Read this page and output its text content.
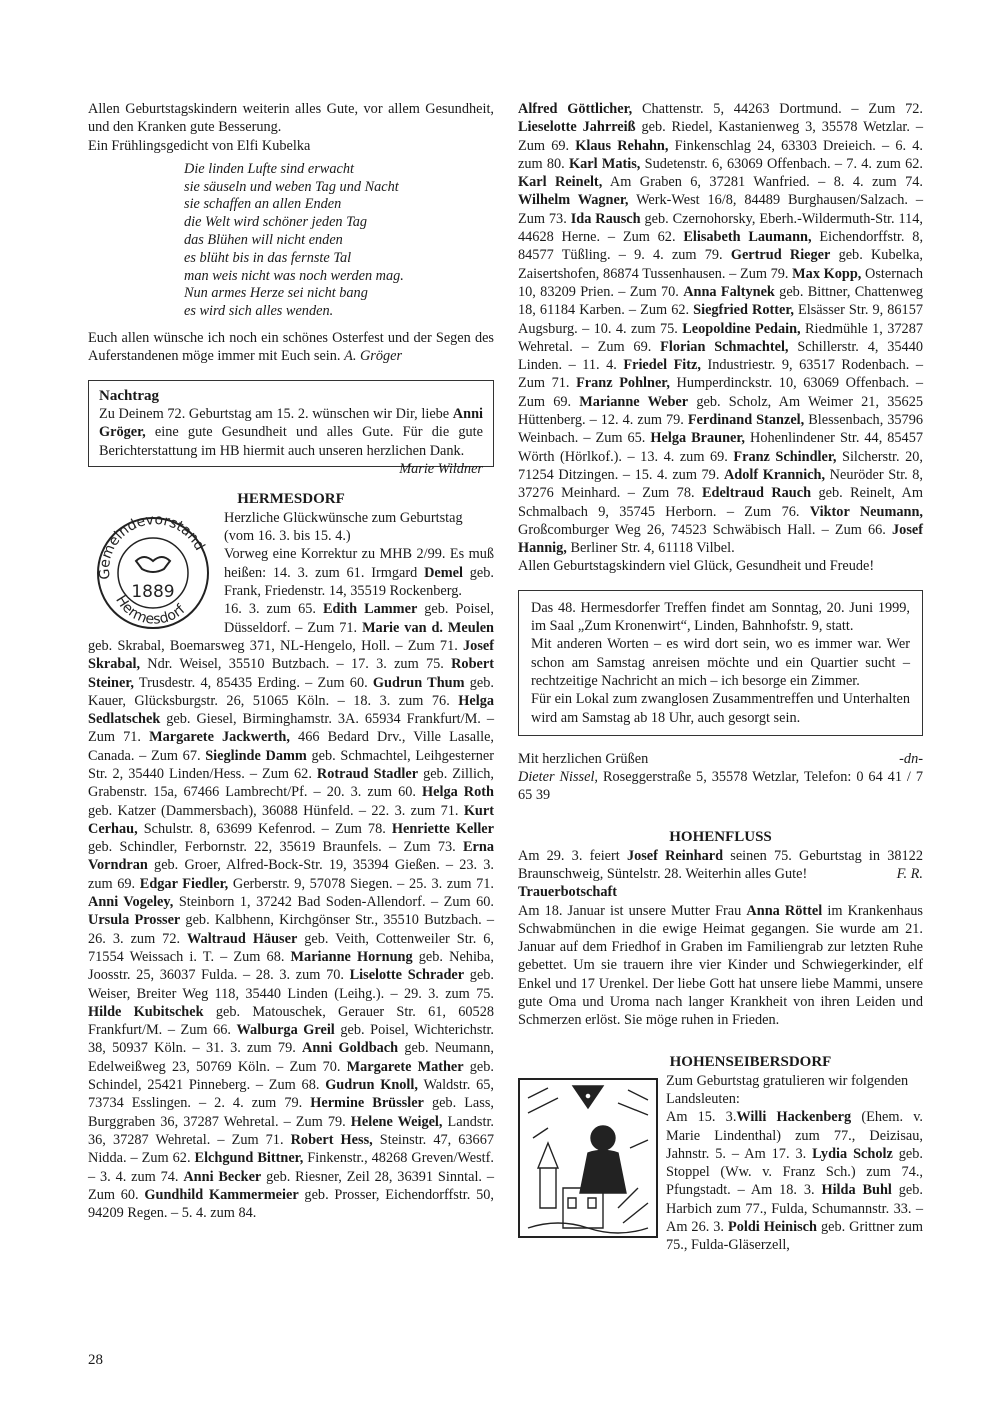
Allen Geburtstagskindern weiterin alles Gute, vor allem Gesundheit, und den Kranken gute Besserung.

Ein Frühlingsgedicht von Elfi Kubelka

Die linden Lufte sind erwacht
sie säuseln und weben Tag und Nacht
sie schaffen an allen Enden
die Welt wird schöner jeden Tag
das Blühen will nicht enden
es blüht bis in das fernste Tal
man weis nicht was noch werden mag.
Nun armes Herze sei nicht bang
es wird sich alles wenden.

Euch allen wünsche ich noch ein schönes Osterfest und der Segen des Auferstandenen möge immer mit Euch sein. A. Gröger

Nachtrag

Zu Deinem 72. Geburtstag am 15. 2. wünschen wir Dir, liebe Anni Gröger, eine gute Gesundheit und alles Gute. Für die gute Berichterstattung im HB hiermit auch unseren herzlichen Dank.
Marie Wildner

HERMESDORF

Gemeindevorstand
Hermesdorf
1889

Herzliche Glückwünsche zum Geburtstag (vom 16. 3. bis 15. 4.)

Vorweg eine Korrektur zu MHB 2/99. Es muß heißen: 14. 3. zum 61. Irmgard Demel geb. Frank, Friedenstr. 14, 35519 Rockenberg.

16. 3. zum 65. Edith Lammer geb. Poisel, Düsseldorf. – Zum 71. Marie van d. Meulen geb. Skrabal, Boemarsweg 371, NL-Hengelo, Holl. – Zum 71. Josef Skrabal, Ndr. Weisel, 35510 Butzbach. – 17. 3. zum 75. Robert Steiner, Trusdestr. 4, 85435 Erding. – Zum 60. Gudrun Thum geb. Kauer, Glücksburgstr. 26, 51065 Köln. – 18. 3. zum 76. Helga Sedlatschek geb. Giesel, Birminghamstr. 3A. 65934 Frankfurt/M. – Zum 71. Margarete Jackwerth, 466 Bedard Drv., Ville Lasalle, Canada. – Zum 67. Sieglinde Damm geb. Schmachtel, Leihgesterner Str. 2, 35440 Linden/Hess. – Zum 62. Rotraud Stadler geb. Zillich, Grabenstr. 15a, 67466 Lambrecht/Pf. – 20. 3. zum 60. Helga Roth geb. Katzer (Dammersbach), 36088 Hünfeld. – 22. 3. zum 71. Kurt Cerhau, Schulstr. 8, 63699 Kefenrod. – Zum 78. Henriette Keller geb. Schindler, Ferbornstr. 22, 35619 Braunfels. – Zum 73. Erna Vorndran geb. Groer, Alfred-Bock-Str. 19, 35394 Gießen. – 23. 3. zum 69. Edgar Fiedler, Gerberstr. 9, 57078 Siegen. – 25. 3. zum 71. Anni Vogeley, Steinborn 1, 37242 Bad Soden-Allendorf. – Zum 60. Ursula Prosser geb. Kalbhenn, Kirchgönser Str., 35510 Butzbach. – 26. 3. zum 72. Waltraud Häuser geb. Veith, Cottenweiler Str. 6, 71554 Weissach i. T. – Zum 68. Marianne Hornung geb. Nehiba, Joosstr. 25, 36037 Fulda. – 28. 3. zum 70. Liselotte Schrader geb. Weiser, Breiter Weg 118, 35440 Linden (Leihg.). – 29. 3. zum 75. Hilde Kubitschek geb. Matouschek, Gerauer Str. 61, 60528 Frankfurt/M. – Zum 66. Walburga Greil geb. Poisel, Wichterichstr. 38, 50937 Köln. – 31. 3. zum 79. Anni Goldbach geb. Neumann, Edelweißweg 23, 50769 Köln. – Zum 70. Margarete Mather geb. Schindel, 25421 Pinneberg. – Zum 68. Gudrun Knoll, Waldstr. 65, 73734 Esslingen. – 2. 4. zum 79. Hermine Brüssler geb. Lass, Burggraben 36, 37287 Wehretal. – Zum 79. Helene Weigel, Landstr. 36, 37287 Wehretal. – Zum 71. Robert Hess, Steinstr. 47, 63667 Nidda. – Zum 62. Elchgund Bittner, Finkenstr., 48268 Greven/Westf. – 3. 4. zum 74. Anni Becker geb. Riesner, Zeil 28, 36391 Sinntal. – Zum 60. Gundhild Kammermeier geb. Prosser, Eichendorffstr. 50, 94209 Regen. – 5. 4. zum 84.

Alfred Göttlicher, Chattenstr. 5, 44263 Dortmund. – Zum 72. Lieselotte Jahrreiß geb. Riedel, Kastanienweg 3, 35578 Wetzlar. – Zum 69. Klaus Rehahn, Finkenschlag 24, 63303 Dreieich. – 6. 4. zum 80. Karl Matis, Sudetenstr. 6, 63069 Offenbach. – 7. 4. zum 62. Karl Reinelt, Am Graben 6, 37281 Wanfried. – 8. 4. zum 74. Wilhelm Wagner, Werk-West 16/8, 84489 Burghausen/Salzach. – Zum 73. Ida Rausch geb. Czernohorsky, Eberh.-Wildermuth-Str. 114, 44628 Herne. – Zum 62. Elisabeth Laumann, Eichendorffstr. 8, 84577 Tüßling. – 9. 4. zum 79. Gertrud Rieger geb. Kubelka, Zaisertshofen, 86874 Tussenhausen. – Zum 79. Max Kopp, Osternach 10, 83209 Prien. – Zum 70. Anna Faltynek geb. Bittner, Chattenweg 18, 61184 Karben. – Zum 62. Siegfried Rotter, Elsässer Str. 9, 86157 Augsburg. – 10. 4. zum 75. Leopoldine Pedain, Riedmühle 1, 37287 Wehretal. – Zum 69. Florian Schmachtel, Schillerstr. 4, 35440 Linden. – 11. 4. Friedel Fitz, Industriestr. 9, 63517 Rodenbach. – Zum 71. Franz Pohlner, Humperdinckstr. 10, 63069 Offenbach. – Zum 69. Marianne Weber geb. Scholz, Am Weimer 21, 35625 Hüttenberg. – 12. 4. zum 79. Ferdinand Stanzel, Blessenbach, 35796 Weinbach. – Zum 65. Helga Brauner, Hohenlindener Str. 44, 85457 Wörth (Hörlkof.). – 13. 4. zum 69. Franz Schindler, Silcherstr. 20, 71254 Ditzingen. – 15. 4. zum 79. Adolf Krannich, Neuröder Str. 8, 37276 Meinhard. – Zum 78. Edeltraud Rauch geb. Reinelt, Am Schmalbach 9, 35745 Herborn. – Zum 76. Viktor Neumann, Großcomburger Weg 26, 74523 Schwäbisch Hall. – Zum 66. Josef Hannig, Berliner Str. 4, 61118 Vilbel.

Allen Geburtstagskindern viel Glück, Gesundheit und Freude!

Das 48. Hermesdorfer Treffen findet am Sonntag, 20. Juni 1999, im Saal „Zum Kronenwirt“, Linden, Bahnhofstr. 9, statt.

Mit anderen Worten – es wird dort sein, wo es immer war. Wer schon am Samstag anreisen möchte und ein Quartier sucht – rechtzeitige Nachricht an mich – ich besorge ein Zimmer.

Für ein Lokal zum zwanglosen Zusammentreffen und Unterhalten wird am Samstag ab 18 Uhr, auch gesorgt sein.

Mit herzlichen Grüßen	-dn-

Dieter Nissel, Roseggerstraße 5, 35578 Wetzlar, Telefon: 0 64 41 / 7 65 39

HOHENFLUSS

Am 29. 3. feiert Josef Reinhard seinen 75. Geburtstag in 38122 Braunschweig, Süntelstr. 28. Weiterhin alles Gute!	F. R.

Trauerbotschaft

Am 18. Januar ist unsere Mutter Frau Anna Röttel im Krankenhaus Schwabmünchen in die ewige Heimat gegangen. Sie wurde am 21. Januar auf dem Friedhof in Graben im Familiengrab zur letzten Ruhe gebettet. Um sie trauern ihre vier Kinder und Schwiegerkinder, elf Enkel und 17 Urenkel. Der liebe Gott hat unsere liebe Mammi, unsere gute Oma und Uroma nach langer Krankheit von ihren Leiden und Schmerzen erlöst. Sie möge ruhen in Frieden.

HOHENSEIBERSDORF

Zum Geburtstag gratulieren wir folgenden Landsleuten:

Am 15. 3.Willi Hackenberg (Ehem. v. Marie Lindenthal) zum 77., Deizisau, Jahnstr. 5. – Am 17. 3. Lydia Scholz geb. Stoppel (Ww. v. Franz Sch.) zum 74., Pfungstadt. – Am 18. 3. Hilda Buhl geb. Harbich zum 77., Fulda, Schumannstr. 33. – Am 26. 3. Poldi Heinisch geb. Grittner zum 75., Fulda-Gläserzell,

28
